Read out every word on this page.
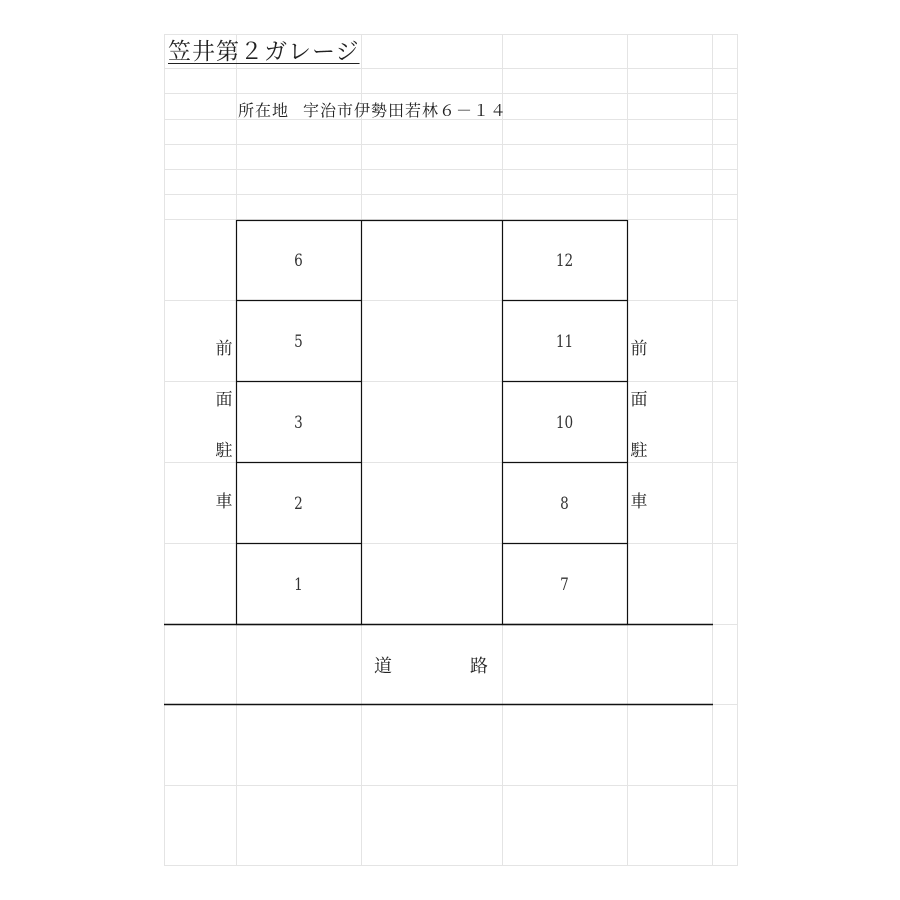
笠井第２ガレージ
所在地 宇治市伊勢田若林６－１４
6
5
3
2
1
12
11
10
8
7
前
面
駐
車
前
面
駐
車
道	路
